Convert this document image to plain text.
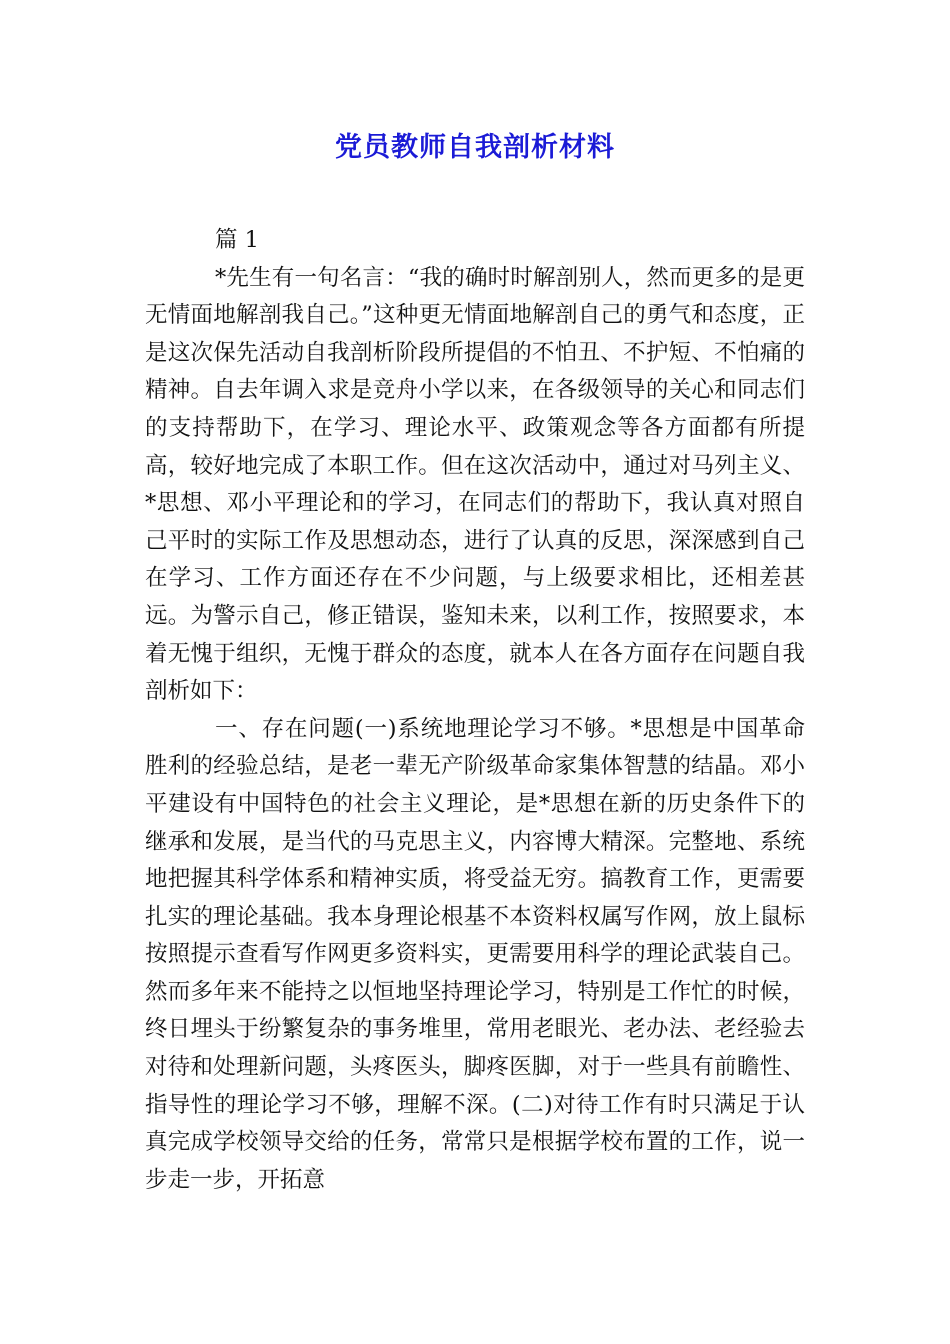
党员教师自我剖析材料

篇 1

*先生有一句名言：“我的确时时解剖别人，然而更多的是更无情面地解剖我自己。”这种更无情面地解剖自己的勇气和态度，正是这次保先活动自我剖析阶段所提倡的不怕丑、不护短、不怕痛的精神。自去年调入求是竞舟小学以来，在各级领导的关心和同志们的支持帮助下，在学习、理论水平、政策观念等各方面都有所提高，较好地完成了本职工作。但在这次活动中，通过对马列主义、*思想、邓小平理论和的学习，在同志们的帮助下，我认真对照自己平时的实际工作及思想动态，进行了认真的反思，深深感到自己在学习、工作方面还存在不少问题，与上级要求相比，还相差甚远。为警示自己，修正错误，鉴知未来，以利工作，按照要求，本着无愧于组织，无愧于群众的态度，就本人在各方面存在问题自我剖析如下：

一、存在问题(一)系统地理论学习不够。*思想是中国革命胜利的经验总结，是老一辈无产阶级革命家集体智慧的结晶。邓小平建设有中国特色的社会主义理论，是*思想在新的历史条件下的继承和发展，是当代的马克思主义，内容博大精深。完整地、系统地把握其科学体系和精神实质，将受益无穷。搞教育工作，更需要扎实的理论基础。我本身理论根基不本资料权属写作网，放上鼠标按照提示查看写作网更多资料实，更需要用科学的理论武装自己。然而多年来不能持之以恒地坚持理论学习，特别是工作忙的时候，终日埋头于纷繁复杂的事务堆里，常用老眼光、老办法、老经验去对待和处理新问题，头疼医头，脚疼医脚，对于一些具有前瞻性、指导性的理论学习不够，理解不深。(二)对待工作有时只满足于认真完成学校领导交给的任务，常常只是根据学校布置的工作，说一步走一步，开拓意
